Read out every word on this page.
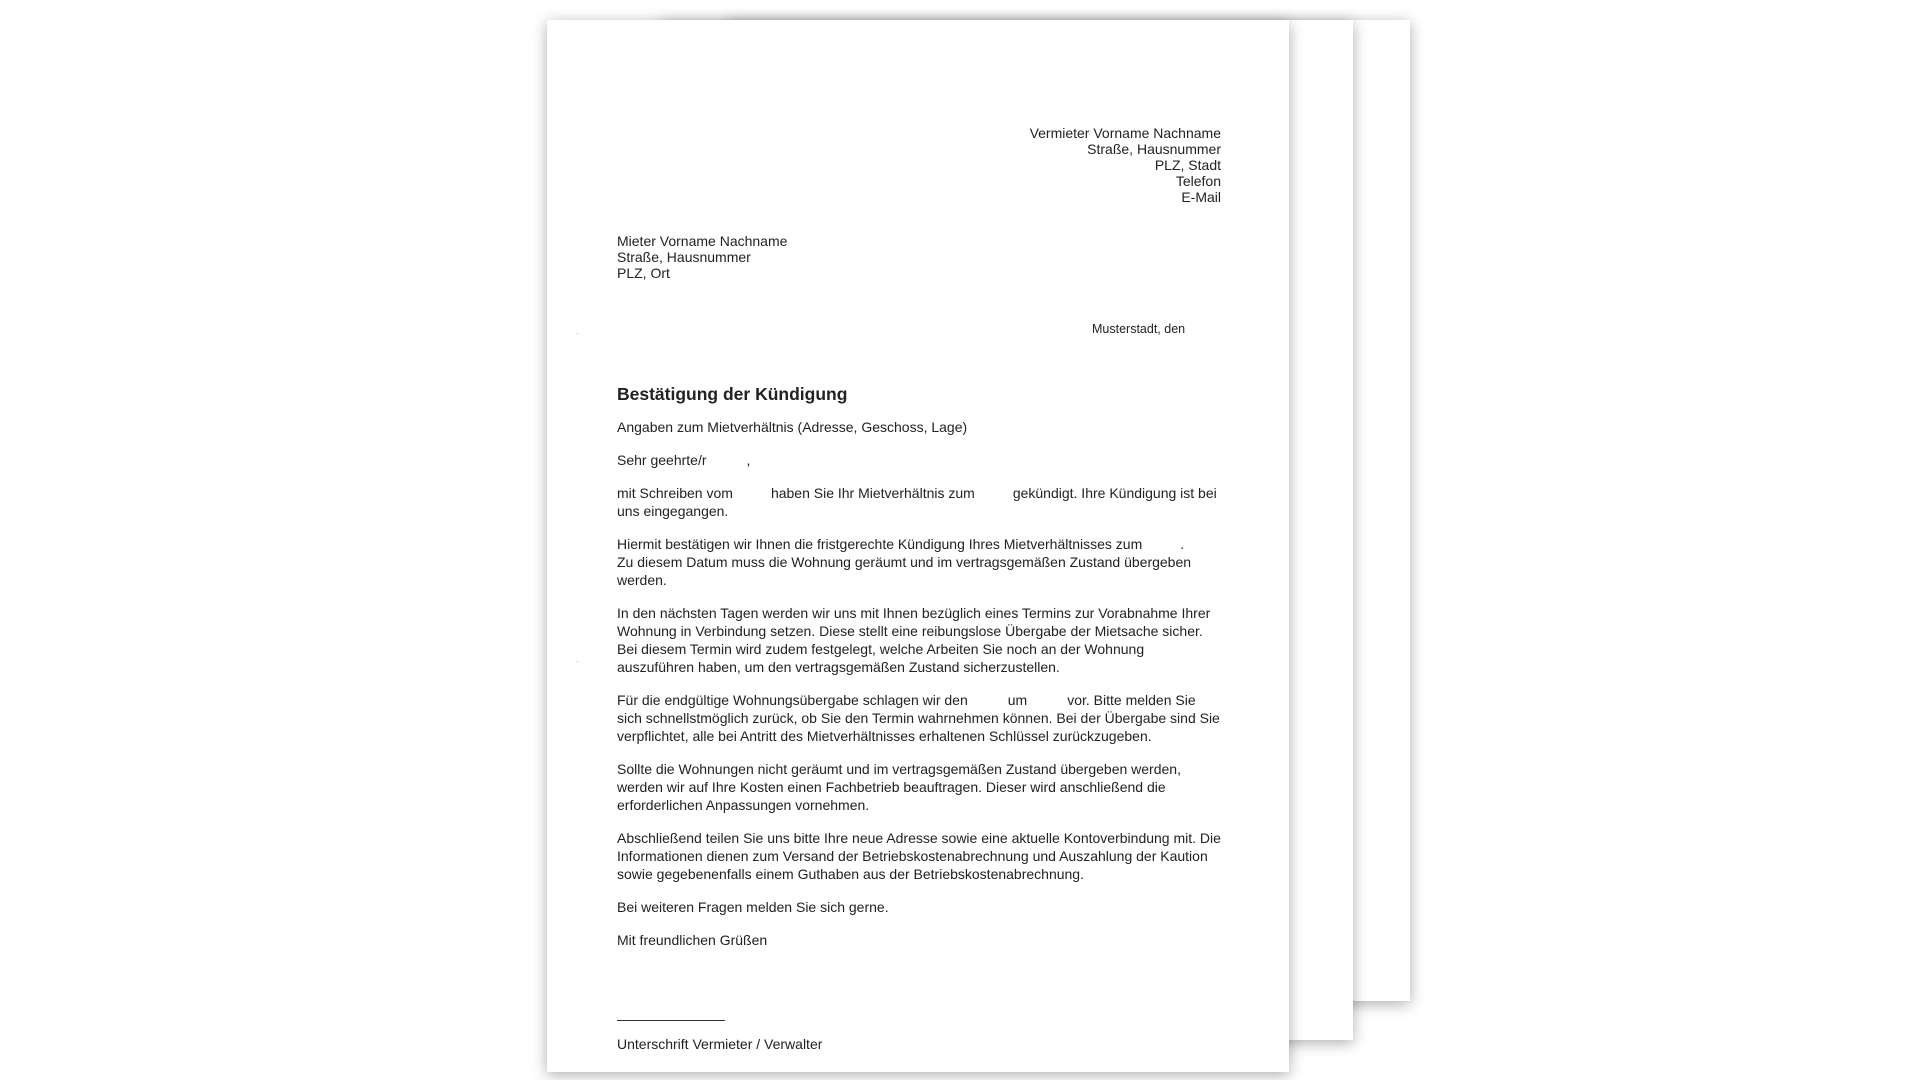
Vermieter Vorname Nachname
Straße, Hausnummer
PLZ, Stadt
Telefon
E-Mail
Mieter Vorname Nachname
Straße, Hausnummer
PLZ, Ort
Musterstadt, den
Bestätigung der Kündigung

Angaben zum Mietverhältnis (Adresse, Geschoss, Lage)

Sehr geehrte/r	,

mit Schreiben vom	haben Sie Ihr Mietverhältnis zum	gekündigt. Ihre Kündigung ist bei uns eingegangen.

Hiermit bestätigen wir Ihnen die fristgerechte Kündigung Ihres Mietverhältnisses zum	.
Zu diesem Datum muss die Wohnung geräumt und im vertragsgemäßen Zustand übergeben werden.

In den nächsten Tagen werden wir uns mit Ihnen bezüglich eines Termins zur Vorabnahme Ihrer Wohnung in Verbindung setzen. Diese stellt eine reibungslose Übergabe der Mietsache sicher. Bei diesem Termin wird zudem festgelegt, welche Arbeiten Sie noch an der Wohnung auszuführen haben, um den vertragsgemäßen Zustand sicherzustellen.

Für die endgültige Wohnungsübergabe schlagen wir den	um	vor. Bitte melden Sie sich schnellstmöglich zurück, ob Sie den Termin wahrnehmen können. Bei der Übergabe sind Sie verpflichtet, alle bei Antritt des Mietverhältnisses erhaltenen Schlüssel zurückzugeben.

Sollte die Wohnungen nicht geräumt und im vertragsgemäßen Zustand übergeben werden, werden wir auf Ihre Kosten einen Fachbetrieb beauftragen. Dieser wird anschließend die erforderlichen Anpassungen vornehmen.

Abschließend teilen Sie uns bitte Ihre neue Adresse sowie eine aktuelle Kontoverbindung mit. Die Informationen dienen zum Versand der Betriebskostenabrechnung und Auszahlung der Kaution sowie gegebenenfalls einem Guthaben aus der Betriebskostenabrechnung.

Bei weiteren Fragen melden Sie sich gerne.

Mit freundlichen Grüßen

Unterschrift Vermieter / Verwalter
